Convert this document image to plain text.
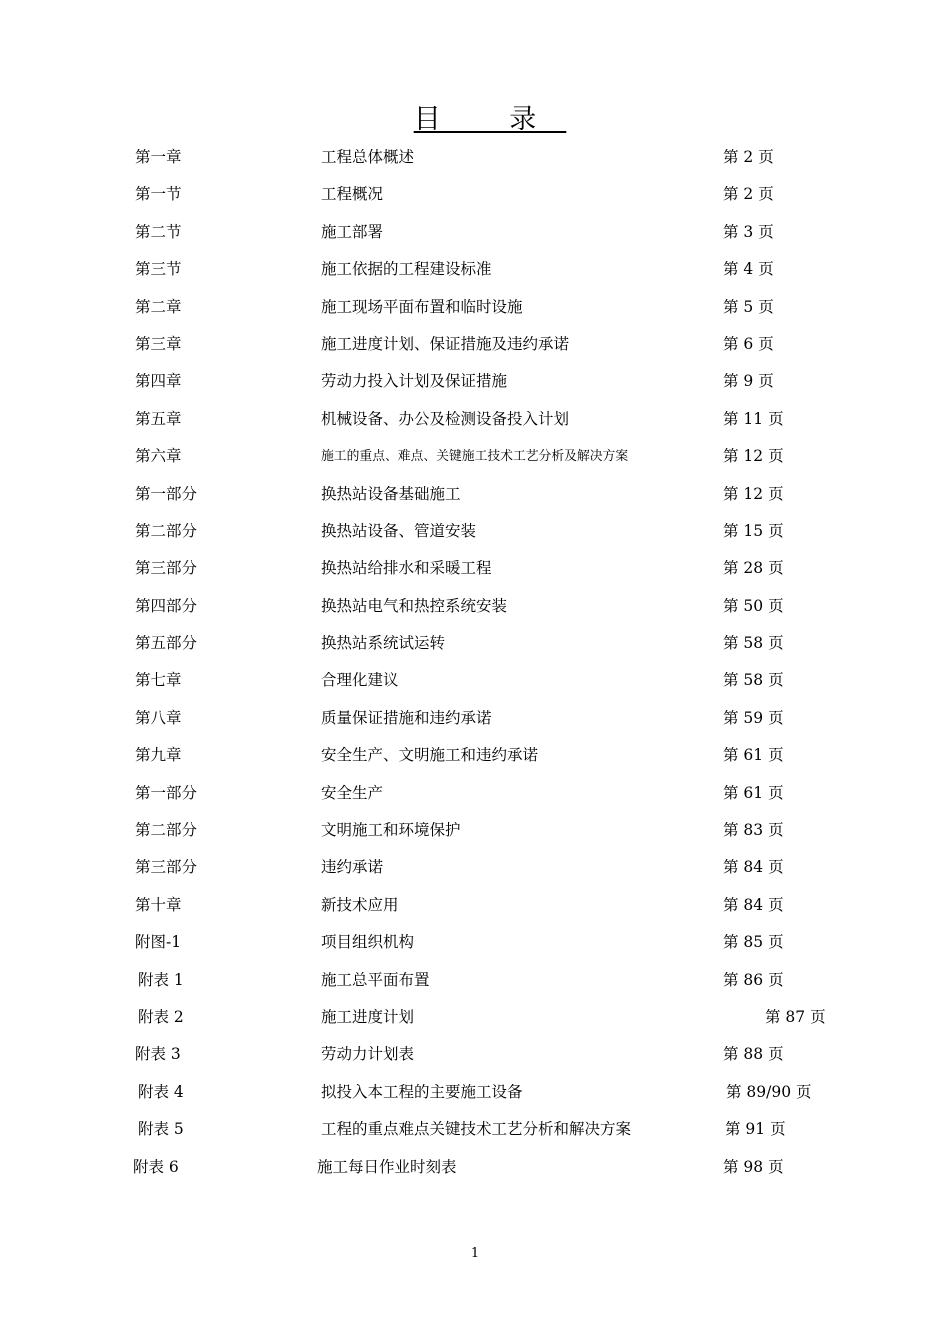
目 录
第一章	工程总体概述	第 2 页
第一节	工程概况	第 2 页
第二节	施工部署	第 3 页
第三节	施工依据的工程建设标准	第 4 页
第二章	施工现场平面布置和临时设施	第 5 页
第三章	施工进度计划、保证措施及违约承诺	第 6 页
第四章	劳动力投入计划及保证措施	第 9 页
第五章	机械设备、办公及检测设备投入计划	第 11 页
第六章	施工的重点、难点、关键施工技术工艺分析及解决方案	第 12 页
第一部分	换热站设备基础施工	第 12 页
第二部分	换热站设备、管道安装	第 15 页
第三部分	换热站给排水和采暖工程	第 28 页
第四部分	换热站电气和热控系统安装	第 50 页
第五部分	换热站系统试运转	第 58 页
第七章	合理化建议	第 58 页
第八章	质量保证措施和违约承诺	第 59 页
第九章	安全生产、文明施工和违约承诺	第 61 页
第一部分	安全生产	第 61 页
第二部分	文明施工和环境保护	第 83 页
第三部分	违约承诺	第 84 页
第十章	新技术应用	第 84 页
附图-1	项目组织机构	第 85 页
附表 1	施工总平面布置	第 86 页
附表 2	施工进度计划	第 87 页
附表 3	劳动力计划表	第 88 页
附表 4	拟投入本工程的主要施工设备	第 89/90 页
附表 5	工程的重点难点关键技术工艺分析和解决方案	第 91 页
附表 6	施工每日作业时刻表	第 98 页
1
